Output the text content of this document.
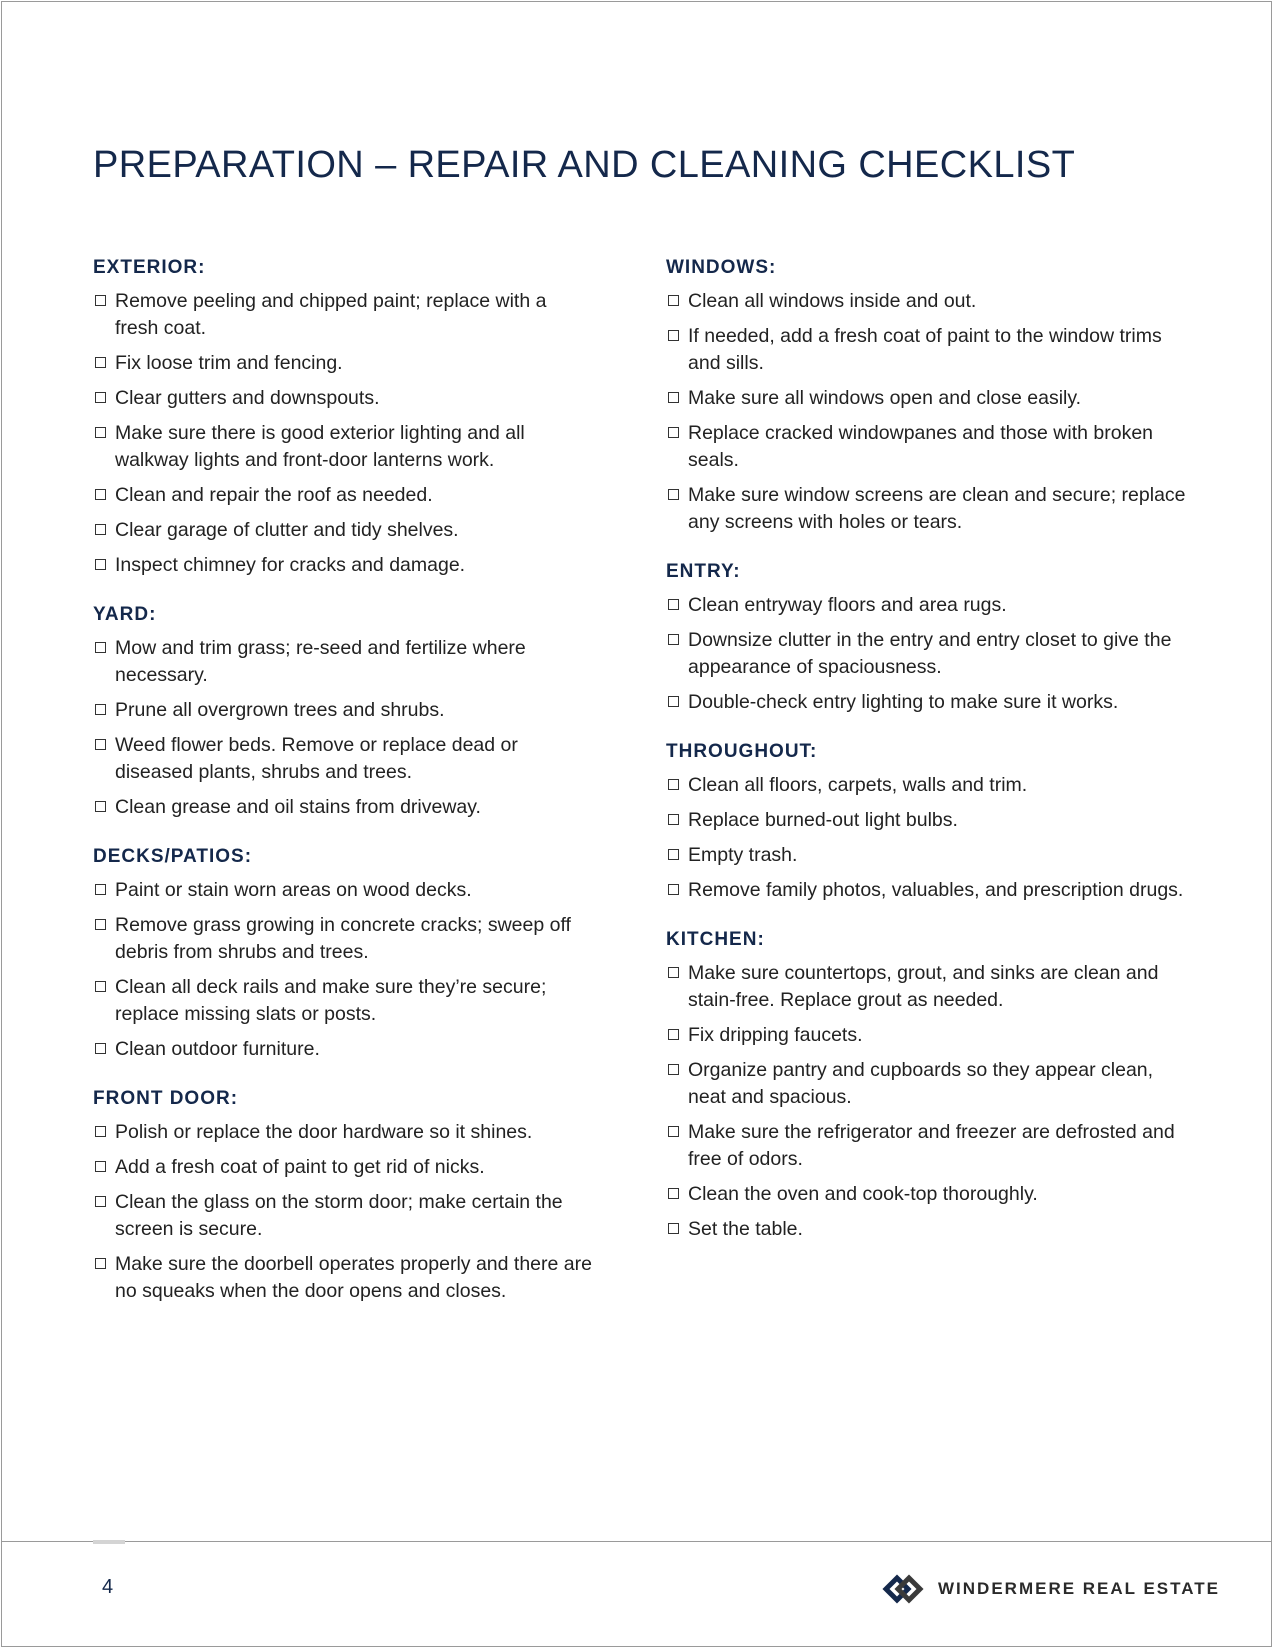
PREPARATION – REPAIR AND CLEANING CHECKLIST
EXTERIOR:
Remove peeling and chipped paint; replace with a fresh coat.
Fix loose trim and fencing.
Clear gutters and downspouts.
Make sure there is good exterior lighting and all walkway lights and front-door lanterns work.
Clean and repair the roof as needed.
Clear garage of clutter and tidy shelves.
Inspect chimney for cracks and damage.
YARD:
Mow and trim grass; re-seed and fertilize where necessary.
Prune all overgrown trees and shrubs.
Weed flower beds. Remove or replace dead or diseased plants, shrubs and trees.
Clean grease and oil stains from driveway.
DECKS/PATIOS:
Paint or stain worn areas on wood decks.
Remove grass growing in concrete cracks; sweep off debris from shrubs and trees.
Clean all deck rails and make sure they’re secure; replace missing slats or posts.
Clean outdoor furniture.
FRONT DOOR:
Polish or replace the door hardware so it shines.
Add a fresh coat of paint to get rid of nicks.
Clean the glass on the storm door; make certain the screen is secure.
Make sure the doorbell operates properly and there are no squeaks when the door opens and closes.
WINDOWS:
Clean all windows inside and out.
If needed, add a fresh coat of paint to the window trims and sills.
Make sure all windows open and close easily.
Replace cracked windowpanes and those with broken seals.
Make sure window screens are clean and secure; replace any screens with holes or tears.
ENTRY:
Clean entryway floors and area rugs.
Downsize clutter in the entry and entry closet to give the appearance of spaciousness.
Double-check entry lighting to make sure it works.
THROUGHOUT:
Clean all floors, carpets, walls and trim.
Replace burned-out light bulbs.
Empty trash.
Remove family photos, valuables, and prescription drugs.
KITCHEN:
Make sure countertops, grout, and sinks are clean and stain-free. Replace grout as needed.
Fix dripping faucets.
Organize pantry and cupboards so they appear clean, neat and spacious.
Make sure the refrigerator and freezer are defrosted and free of odors.
Clean the oven and cook-top thoroughly.
Set the table.
4	WINDERMERE REAL ESTATE
